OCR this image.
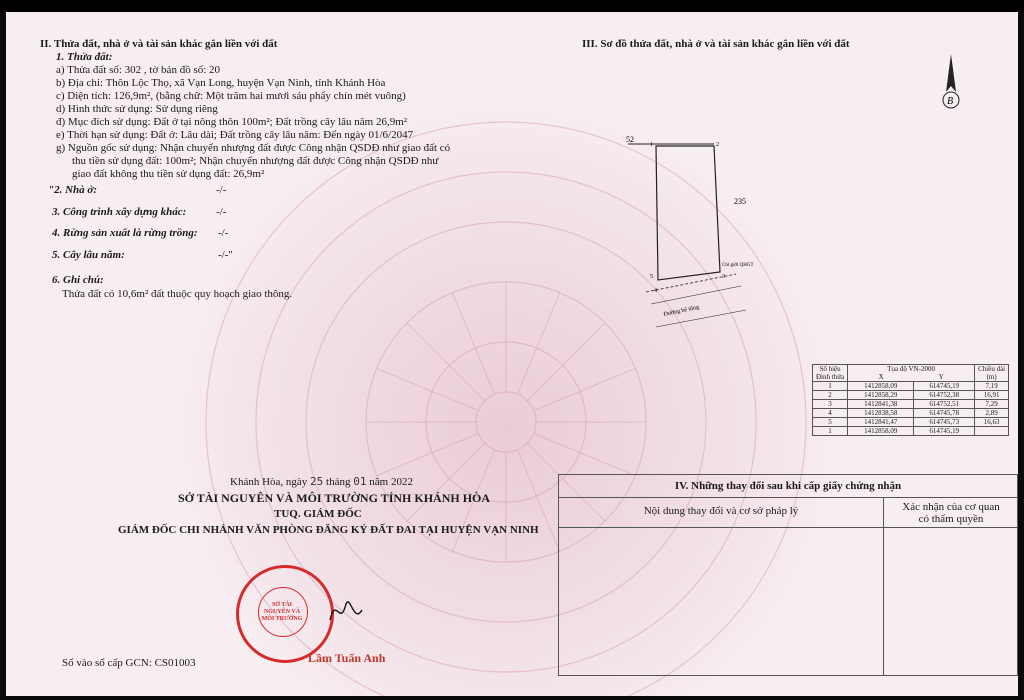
II. Thửa đất, nhà ở và tài sản khác gắn liền với đất
1. Thửa đất:
a) Thửa đất số: 302 , tờ bản đồ số: 20
b) Địa chỉ: Thôn Lộc Thọ, xã Vạn Long, huyện Vạn Ninh, tỉnh Khánh Hòa
c) Diện tích: 126,9m², (bằng chữ: Một trăm hai mươi sáu phẩy chín mét vuông)
d) Hình thức sử dụng: Sử dụng riêng
đ) Mục đích sử dụng: Đất ở tại nông thôn 100m²; Đất trồng cây lâu năm 26,9m²
e) Thời hạn sử dụng: Đất ở: Lâu dài; Đất trồng cây lâu năm: Đến ngày 01/6/2047
g) Nguồn gốc sử dụng: Nhận chuyển nhượng đất được Công nhận QSDĐ như giao đất có
thu tiền sử dụng đất: 100m²; Nhận chuyển nhượng đất được Công nhận QSDĐ như
giao đất không thu tiền sử dụng đất: 26,9m²
"2. Nhà ở:	-/-
3. Công trình xây dựng khác:	-/-
4. Rừng sản xuất là rừng trồng: -/-
5. Cây lâu năm:	-/-"
6. Ghi chú:
Thửa đất có 10,6m² đất thuộc quy hoạch giao thông.
III. Sơ đồ thửa đất, nhà ở và tài sản khác gắn liền với đất
B
52
235
Đường bê tông
Chỉ giới QHGT
1	2
3
4
5
Số hiệu
Đỉnh thửa	Tọa độ VN-2000
X Y		Chiều dài
(m)
1	1412858,09	614745,19	7,19
2	1412858,29	614752,38	16,91
3	1412841,38	614752,51	7,29
4	1412838,58	614745,78	2,89
5	1412841,47	614745,73	16,63
1	1412858,09	614745,19	
Khánh Hòa, ngày 25 tháng 01 năm 2022
SỞ TÀI NGUYÊN VÀ MÔI TRƯỜNG TỈNH KHÁNH HÒA
TUQ. GIÁM ĐỐC
GIÁM ĐỐC CHI NHÁNH VĂN PHÒNG ĐĂNG KÝ ĐẤT ĐAI TẠI HUYỆN VẠN NINH
SỞ TÀI NGUYÊN VÀ MÔI TRƯỜNG
Lâm Tuấn Anh
Số vào sổ cấp GCN: CS01003
IV. Những thay đổi sau khi cấp giấy chứng nhận
Nội dung thay đổi và cơ sở pháp lý	Xác nhận của cơ quan
có thẩm quyền
